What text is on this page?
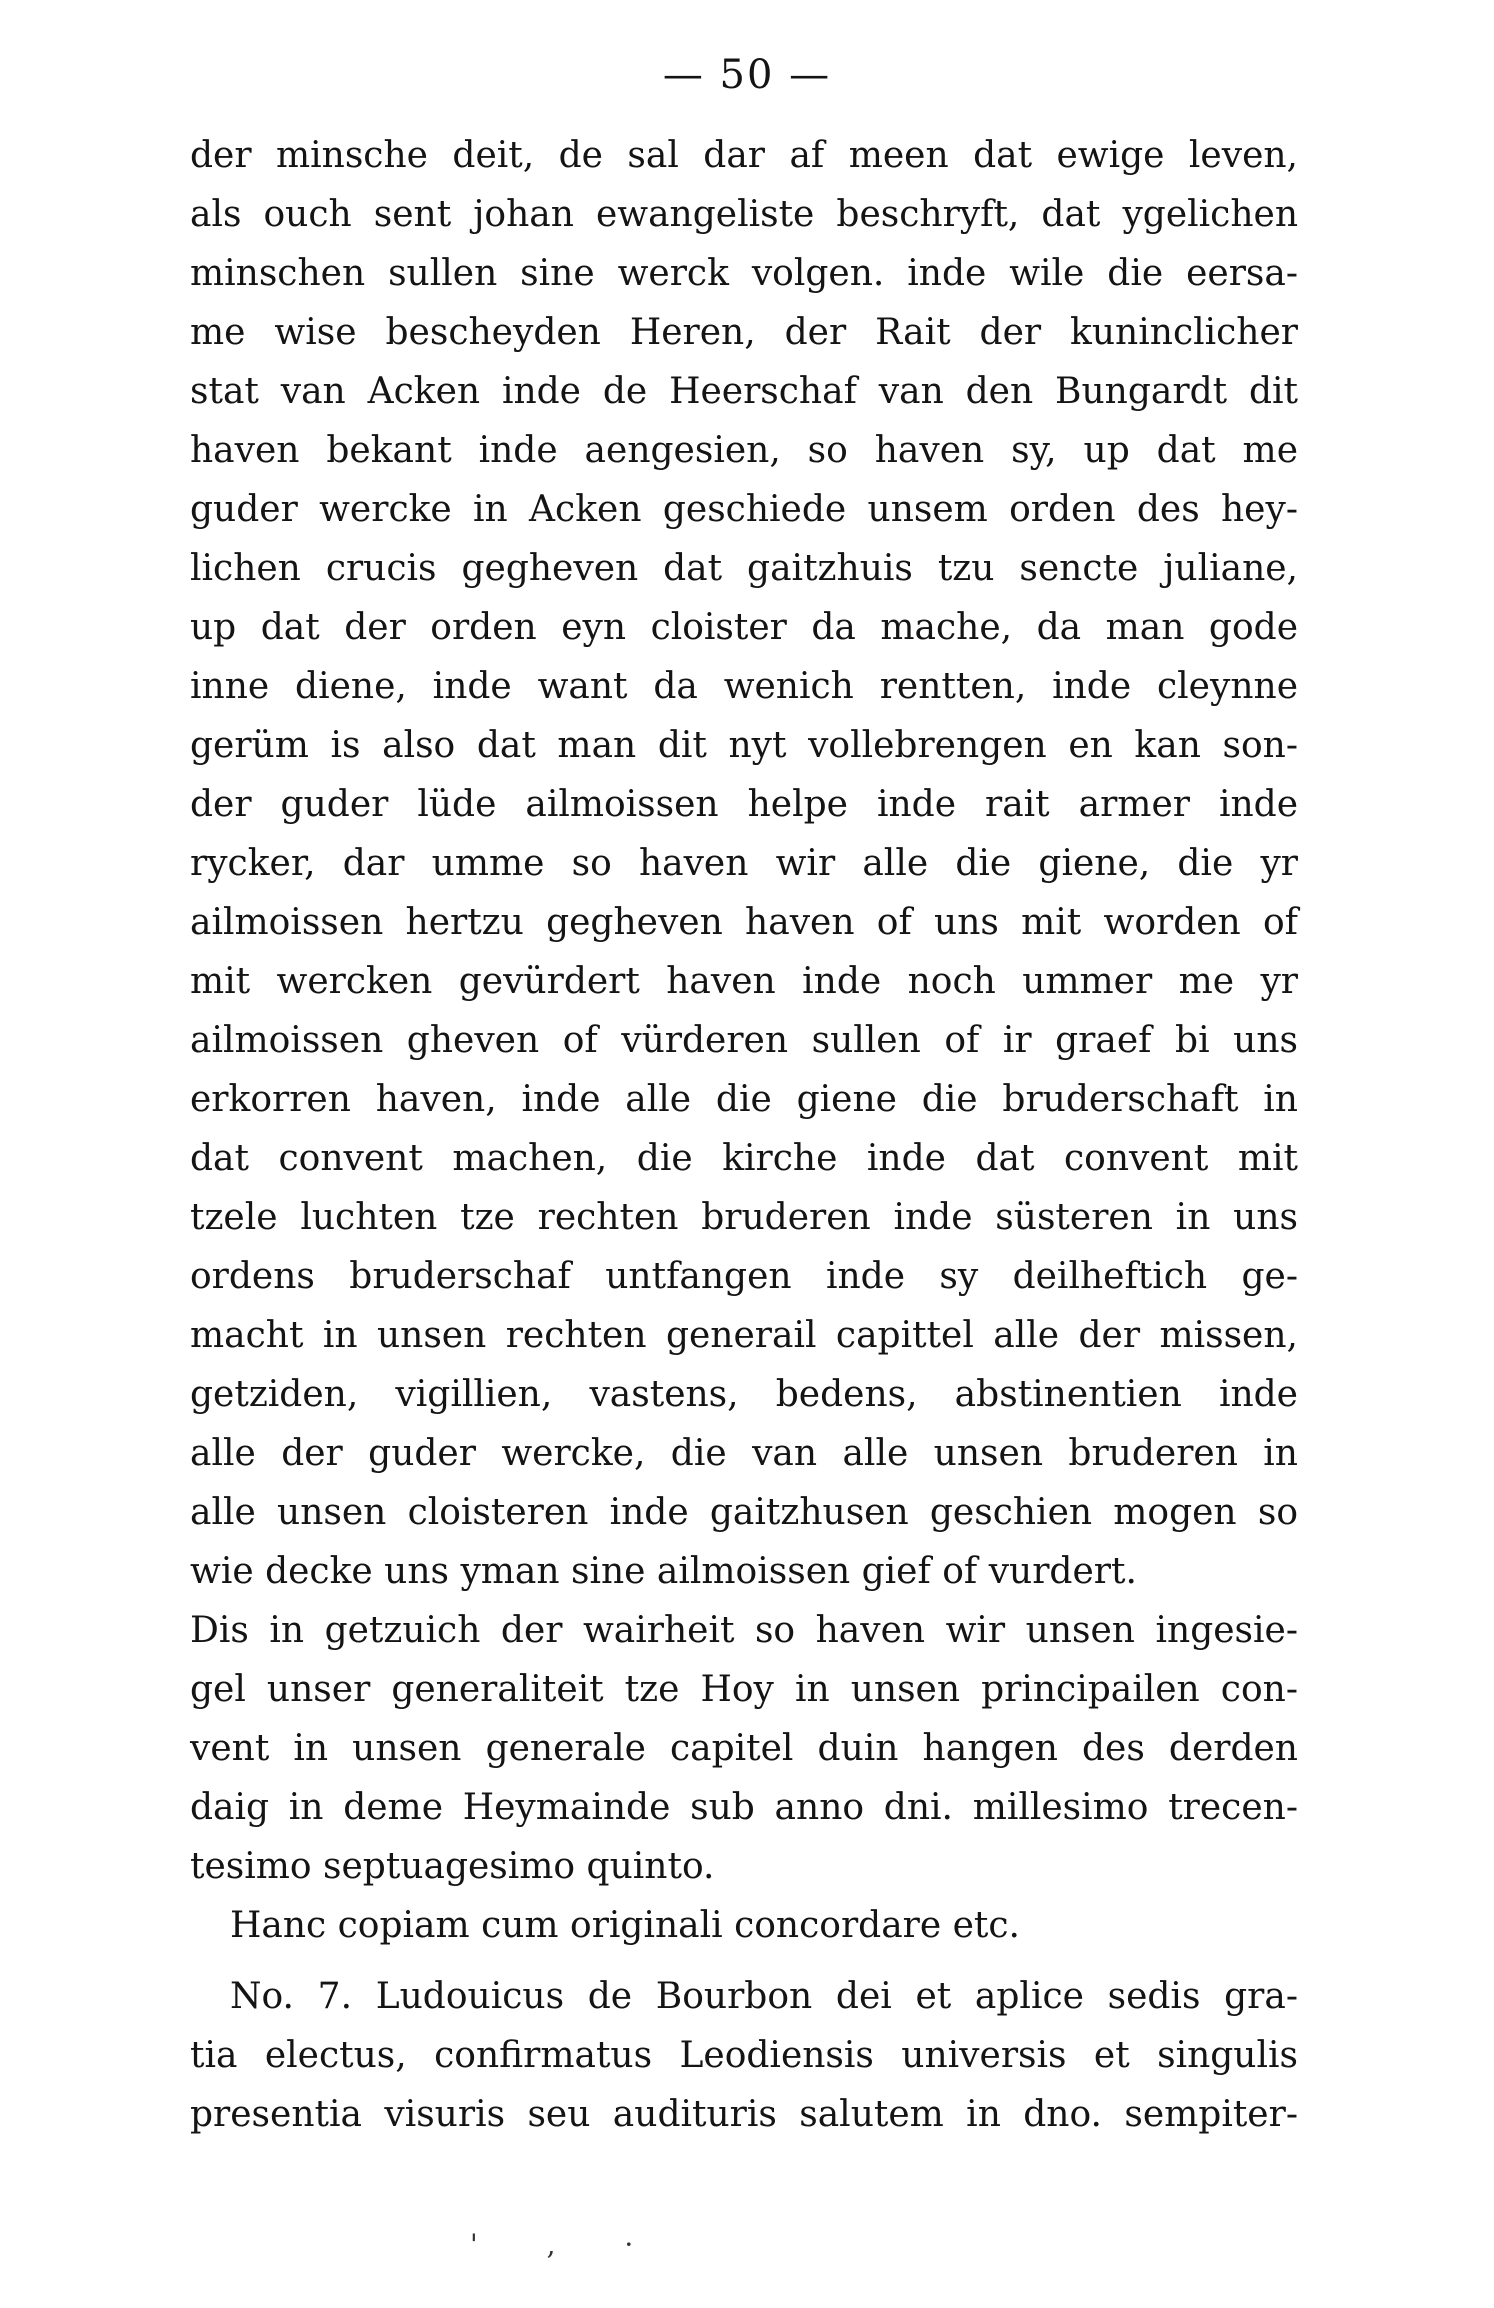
— 50 —
der minsche deit, de sal dar af meen dat ewige leven,
als ouch sent johan ewangeliste beschryft, dat ygelichen
minschen sullen sine werck volgen. inde wile die eersa-
me wise bescheyden Heren, der Rait der kuninclicher
stat van Acken inde de Heerschaf van den Bungardt dit
haven bekant inde aengesien, so haven sy, up dat me
guder wercke in Acken geschiede unsem orden des hey-
lichen crucis gegheven dat gaitzhuis tzu sencte juliane,
up dat der orden eyn cloister da mache, da man gode
inne diene, inde want da wenich rentten, inde cleynne
gerüm is also dat man dit nyt vollebrengen en kan son-
der guder lüde ailmoissen helpe inde rait armer inde
rycker, dar umme so haven wir alle die giene, die yr
ailmoissen hertzu gegheven haven of uns mit worden of
mit wercken gevürdert haven inde noch ummer me yr
ailmoissen gheven of vürderen sullen of ir graef bi uns
erkorren haven, inde alle die giene die bruderschaft in
dat convent machen, die kirche inde dat convent mit
tzele luchten tze rechten bruderen inde süsteren in uns
ordens bruderschaf untfangen inde sy deilheftich ge-
macht in unsen rechten generail capittel alle der missen,
getziden, vigillien, vastens, bedens, abstinentien inde
alle der guder wercke, die van alle unsen bruderen in
alle unsen cloisteren inde gaitzhusen geschien mogen so
wie decke uns yman sine ailmoissen gief of vurdert.
Dis in getzuich der wairheit so haven wir unsen ingesie-
gel unser generaliteit tze Hoy in unsen principailen con-
vent in unsen generale capitel duin hangen des derden
daig in deme Heymainde sub anno dni. millesimo trecen-
tesimo septuagesimo quinto.
Hanc copiam cum originali concordare etc.
No. 7. Ludouicus de Bourbon dei et aplice sedis gra-
tia electus, confirmatus Leodiensis universis et singulis
presentia visuris seu audituris salutem in dno. sempiter-
' , ·
